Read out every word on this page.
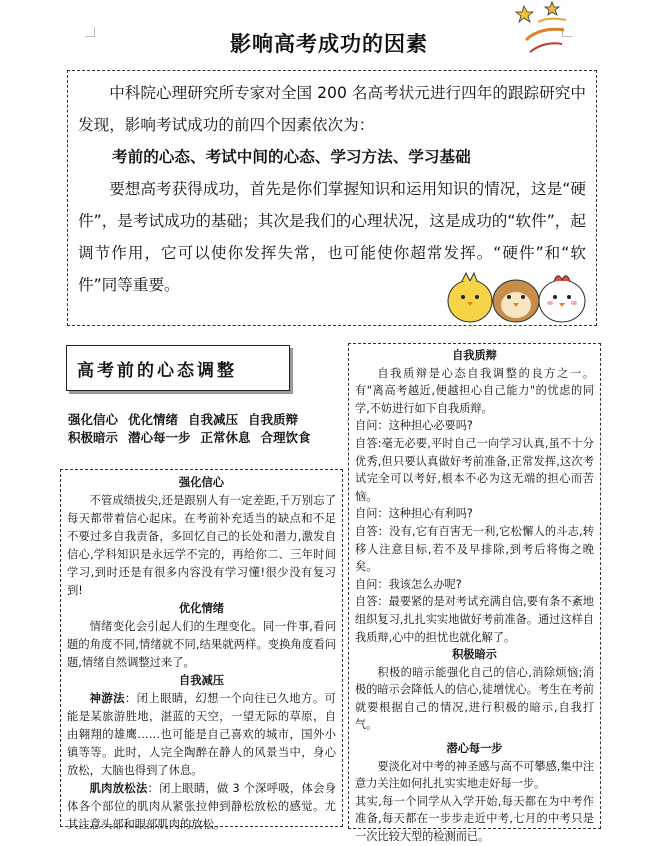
影响高考成功的因素

中科院心理研究所专家对全国 200 名高考状元进行四年的跟踪研究中发现，影响考试成功的前四个因素依次为：

考前的心态、考试中间的心态、学习方法、学习基础

要想高考获得成功，首先是你们掌握知识和运用知识的情况，这是“硬件”，是考试成功的基础；其次是我们的心理状况，这是成功的“软件”，起调节作用，它可以使你发挥失常，也可能使你超常发挥。“硬件”和“软件”同等重要。

高考前的心态调整
强化信心 优化情绪 自我减压 自我质辩
积极暗示 潜心每一步 正常休息 合理饮食
强化信心

不管成绩拔尖,还是跟别人有一定差距,千万别忘了每天都带着信心起床。在考前补充适当的缺点和不足不要过多自我责备，多回忆自己的长处和潜力,激发自信心,学科知识是永远学不完的，再给你二、三年时间学习,到时还是有很多内容没有学习懂!很少没有复习到!

优化情绪

情绪变化会引起人们的生理变化。同一件事,看问题的角度不同,情绪就不同,结果就两样。变换角度看问题,情绪自然调整过来了。

自我减压

神游法：闭上眼睛，幻想一个向往已久地方。可能是某旅游胜地，湛蓝的天空，一望无际的草原，自由翱翔的雄鹰……也可能是自己喜欢的城市，国外小镇等等。此时，人完全陶醉在静人的风景当中，身心放松，大脑也得到了休息。

肌肉放松法：闭上眼睛，做 3 个深呼吸，体会身体各个部位的肌肉从紧张拉伸到静松放松的感觉。尤其注意头部和眼部肌肉的放松。

自我质辩

自我质辩是心态自我调整的良方之一。有"离高考越近,便越担心自己能力"的忧虑的同学,不妨进行如下自我质辩。

自问：这种担心必要吗?

自答:毫无必要,平时自己一向学习认真,虽不十分优秀,但只要认真做好考前准备,正常发挥,这次考试完全可以考好,根本不必为这无端的担心而苦恼。

自问：这种担心有利吗?

自答：没有,它有百害无一利,它松懈人的斗志,转移人注意目标,若不及早排除,到考后将悔之晚矣。

自问：我该怎么办呢?

自答：最要紧的是对考试充满自信,要有条不紊地组织复习,扎扎实实地做好考前准备。通过这样自我质辩,心中的担忧也就化解了。

积极暗示

积极的暗示能强化自己的信心,消除烦恼;消极的暗示会降低人的信心,徒增忧心。考生在考前就要根据自己的情况,进行积极的暗示,自我打气。

潜心每一步

要淡化对中考的神圣感与高不可攀感,集中注意力关注如何扎扎实实地走好每一步。

其实,每一个同学从入学开始,每天都在为中考作准备,每天都在一步步走近中考,七月的中考只是一次比较大型的检测而已。
